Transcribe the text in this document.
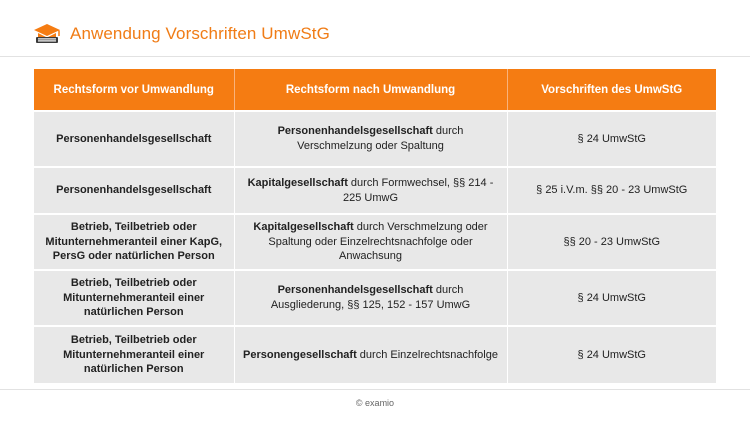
Anwendung Vorschriften UmwStG
Rechtsform vor Umwandlung	Rechtsform nach Umwandlung	Vorschriften des UmwStG
Personenhandelsgesellschaft	Personenhandelsgesellschaft durch Verschmelzung oder Spaltung	§ 24 UmwStG
Personenhandelsgesellschaft	Kapitalgesellschaft durch Formwechsel, §§ 214 - 225 UmwG	§ 25 i.V.m. §§ 20 - 23 UmwStG
Betrieb, Teilbetrieb oder Mitunternehmeranteil einer KapG, PersG oder natürlichen Person	Kapitalgesellschaft durch Verschmelzung oder Spaltung oder Einzelrechtsnachfolge oder Anwachsung	§§ 20 - 23 UmwStG
Betrieb, Teilbetrieb oder Mitunternehmeranteil einer natürlichen Person	Personenhandelsgesellschaft durch Ausgliederung, §§ 125, 152 - 157 UmwG	§ 24 UmwStG
Betrieb, Teilbetrieb oder Mitunternehmeranteil einer natürlichen Person	Personengesellschaft durch Einzelrechtsnachfolge	§ 24 UmwStG
© examio
